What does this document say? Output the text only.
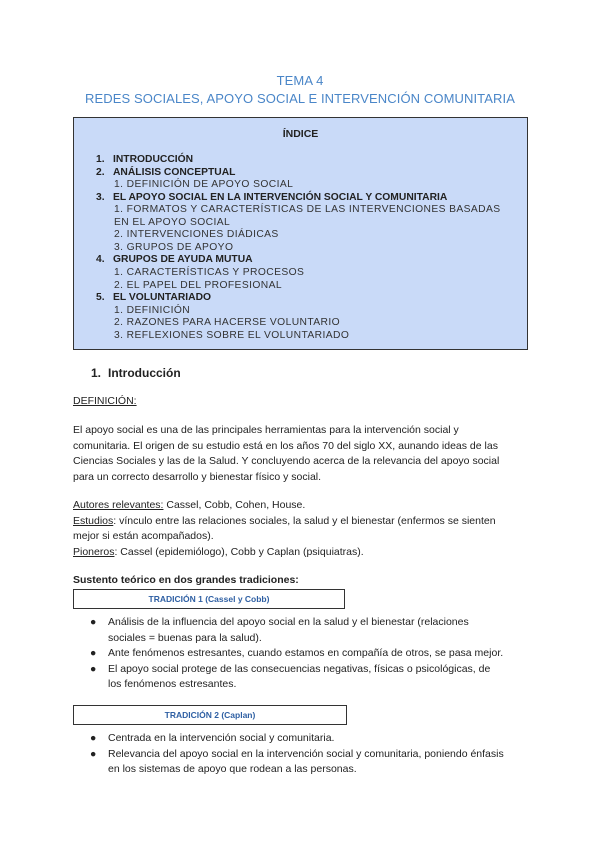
TEMA 4
REDES SOCIALES, APOYO SOCIAL E INTERVENCIÓN COMUNITARIA
ÍNDICE
1. INTRODUCCIÓN
2. ANÁLISIS CONCEPTUAL
1. DEFINICIÓN DE APOYO SOCIAL
3. EL APOYO SOCIAL EN LA INTERVENCIÓN SOCIAL Y COMUNITARIA
1. FORMATOS Y CARACTERÍSTICAS DE LAS INTERVENCIONES BASADAS
EN EL APOYO SOCIAL
2. INTERVENCIONES DIÁDICAS
3. GRUPOS DE APOYO
4. GRUPOS DE AYUDA MUTUA
1. CARACTERÍSTICAS Y PROCESOS
2. EL PAPEL DEL PROFESIONAL
5. EL VOLUNTARIADO
1. DEFINICIÓN
2. RAZONES PARA HACERSE VOLUNTARIO
3. REFLEXIONES SOBRE EL VOLUNTARIADO
1. Introducción
DEFINICIÓN:
El apoyo social es una de las principales herramientas para la intervención social y
comunitaria. El origen de su estudio está en los años 70 del siglo XX, aunando ideas de las
Ciencias Sociales y las de la Salud. Y concluyendo acerca de la relevancia del apoyo social
para un correcto desarrollo y bienestar físico y social.
Autores relevantes: Cassel, Cobb, Cohen, House.
Estudios: vínculo entre las relaciones sociales, la salud y el bienestar (enfermos se sienten
mejor si están acompañados).
Pioneros: Cassel (epidemiólogo), Cobb y Caplan (psiquiatras).
Sustento teórico en dos grandes tradiciones:
TRADICIÓN 1 (Cassel y Cobb)
● Análisis de la influencia del apoyo social en la salud y el bienestar (relaciones
sociales = buenas para la salud).
● Ante fenómenos estresantes, cuando estamos en compañía de otros, se pasa mejor.
● El apoyo social protege de las consecuencias negativas, físicas o psicológicas, de
los fenómenos estresantes.
TRADICIÓN 2 (Caplan)
● Centrada en la intervención social y comunitaria.
● Relevancia del apoyo social en la intervención social y comunitaria, poniendo énfasis
en los sistemas de apoyo que rodean a las personas.
